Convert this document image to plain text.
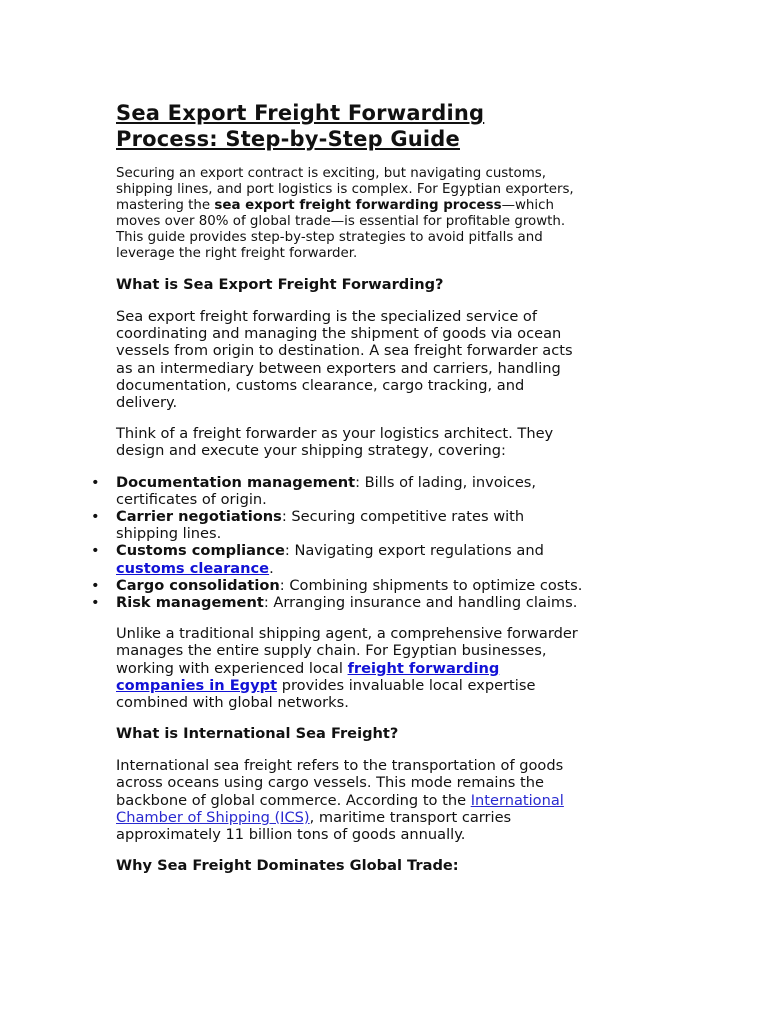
Sea Export Freight Forwarding
Process: Step-by-Step Guide

Securing an export contract is exciting, but navigating customs, shipping lines, and port logistics is complex. For Egyptian exporters, mastering the sea export freight forwarding process—which moves over 80% of global trade—is essential for profitable growth. This guide provides step-by-step strategies to avoid pitfalls and leverage the right freight forwarder.

What is Sea Export Freight Forwarding?

Sea export freight forwarding is the specialized service of coordinating and managing the shipment of goods via ocean vessels from origin to destination. A sea freight forwarder acts as an intermediary between exporters and carriers, handling documentation, customs clearance, cargo tracking, and delivery.

Think of a freight forwarder as your logistics architect. They design and execute your shipping strategy, covering:

• Documentation management: Bills of lading, invoices, certificates of origin.
• Carrier negotiations: Securing competitive rates with shipping lines.
• Customs compliance: Navigating export regulations and customs clearance.
• Cargo consolidation: Combining shipments to optimize costs.
• Risk management: Arranging insurance and handling claims.

Unlike a traditional shipping agent, a comprehensive forwarder manages the entire supply chain. For Egyptian businesses, working with experienced local freight forwarding companies in Egypt provides invaluable local expertise combined with global networks.

What is International Sea Freight?

International sea freight refers to the transportation of goods across oceans using cargo vessels. This mode remains the backbone of global commerce. According to the International Chamber of Shipping (ICS), maritime transport carries approximately 11 billion tons of goods annually.

Why Sea Freight Dominates Global Trade:
